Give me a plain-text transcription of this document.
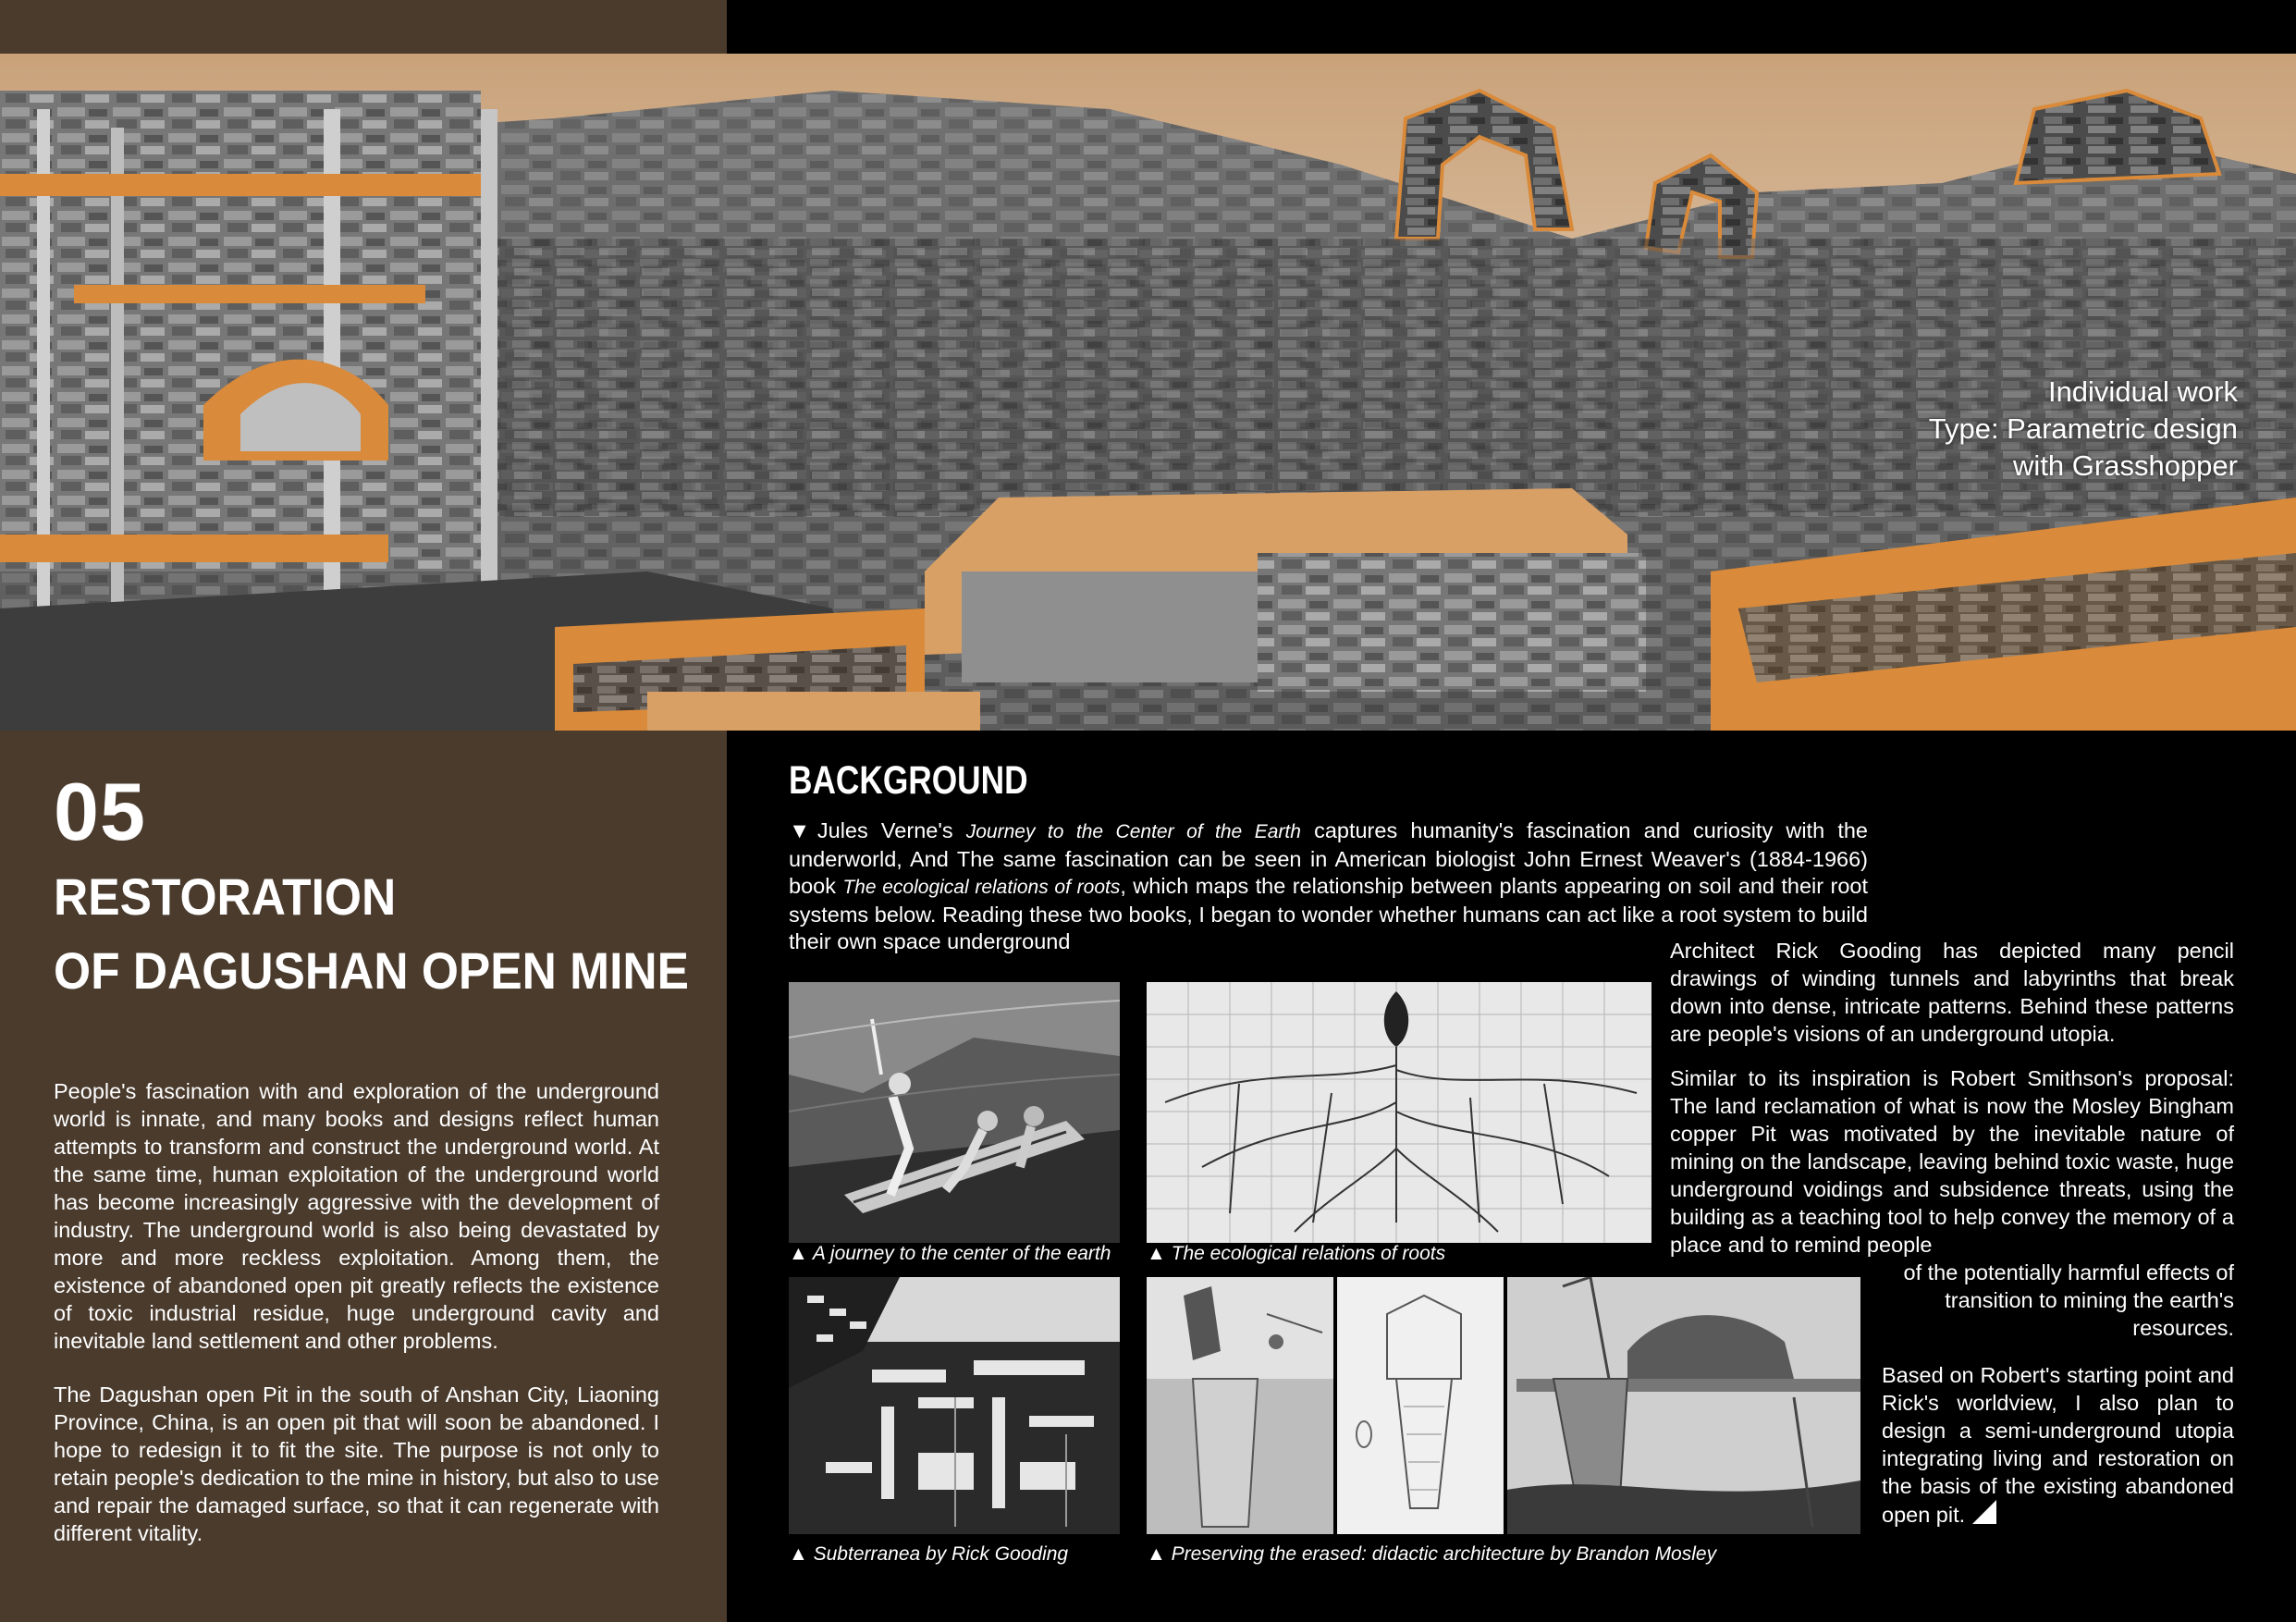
Individual work
Type: Parametric design
with Grasshopper
05
RESTORATION
OF DAGUSHAN OPEN MINE
People's fascination with and exploration of the underground world is innate, and many books and designs reflect human attempts to transform and construct the underground world. At the same time, human exploitation of the underground world has become increasingly aggressive with the development of industry. The underground world is also being devastated by more and more reckless exploitation. Among them, the existence of abandoned open pit greatly reflects the existence of toxic industrial residue, huge underground cavity and inevitable land settlement and other problems.
The Dagushan open Pit in the south of Anshan City, Liaoning Province, China, is an open pit that will soon be abandoned. I hope to redesign it to fit the site. The purpose is not only to retain people's dedication to the mine in history, but also to use and repair the damaged surface, so that it can regenerate with different vitality.
BACKGROUND
▼Jules Verne's Journey to the Center of the Earth captures humanity's fascination and curiosity with the underworld, And The same fascination can be seen in American biologist John Ernest Weaver's (1884-1966) book The ecological relations of roots, which maps the relationship between plants appearing on soil and their root systems below. Reading these two books, I began to wonder whether humans can act like a root system to build their own space underground	Architect Rick Gooding has depicted many pencil drawings of winding tunnels and labyrinths that break down into dense, intricate patterns. Behind these patterns are people's visions of an underground utopia.
Similar to its inspiration is Robert Smithson's proposal: The land reclamation of what is now the Mosley Bingham copper Pit was motivated by the inevitable nature of mining on the landscape, leaving behind toxic waste, huge underground voidings and subsidence threats, using the building as a teaching tool to help convey the memory of a place and to remind people
of the potentially harmful effects of transition to mining the earth's resources.
Based on Robert's starting point and Rick's worldview, I also plan to design a semi-underground utopia integrating living and restoration on the basis of the existing abandoned open pit.
▲ A journey to the center of the earth ▲ The ecological relations of roots
▲ Subterranea by Rick Gooding	▲ Preserving the erased: didactic architecture by Brandon Mosley
